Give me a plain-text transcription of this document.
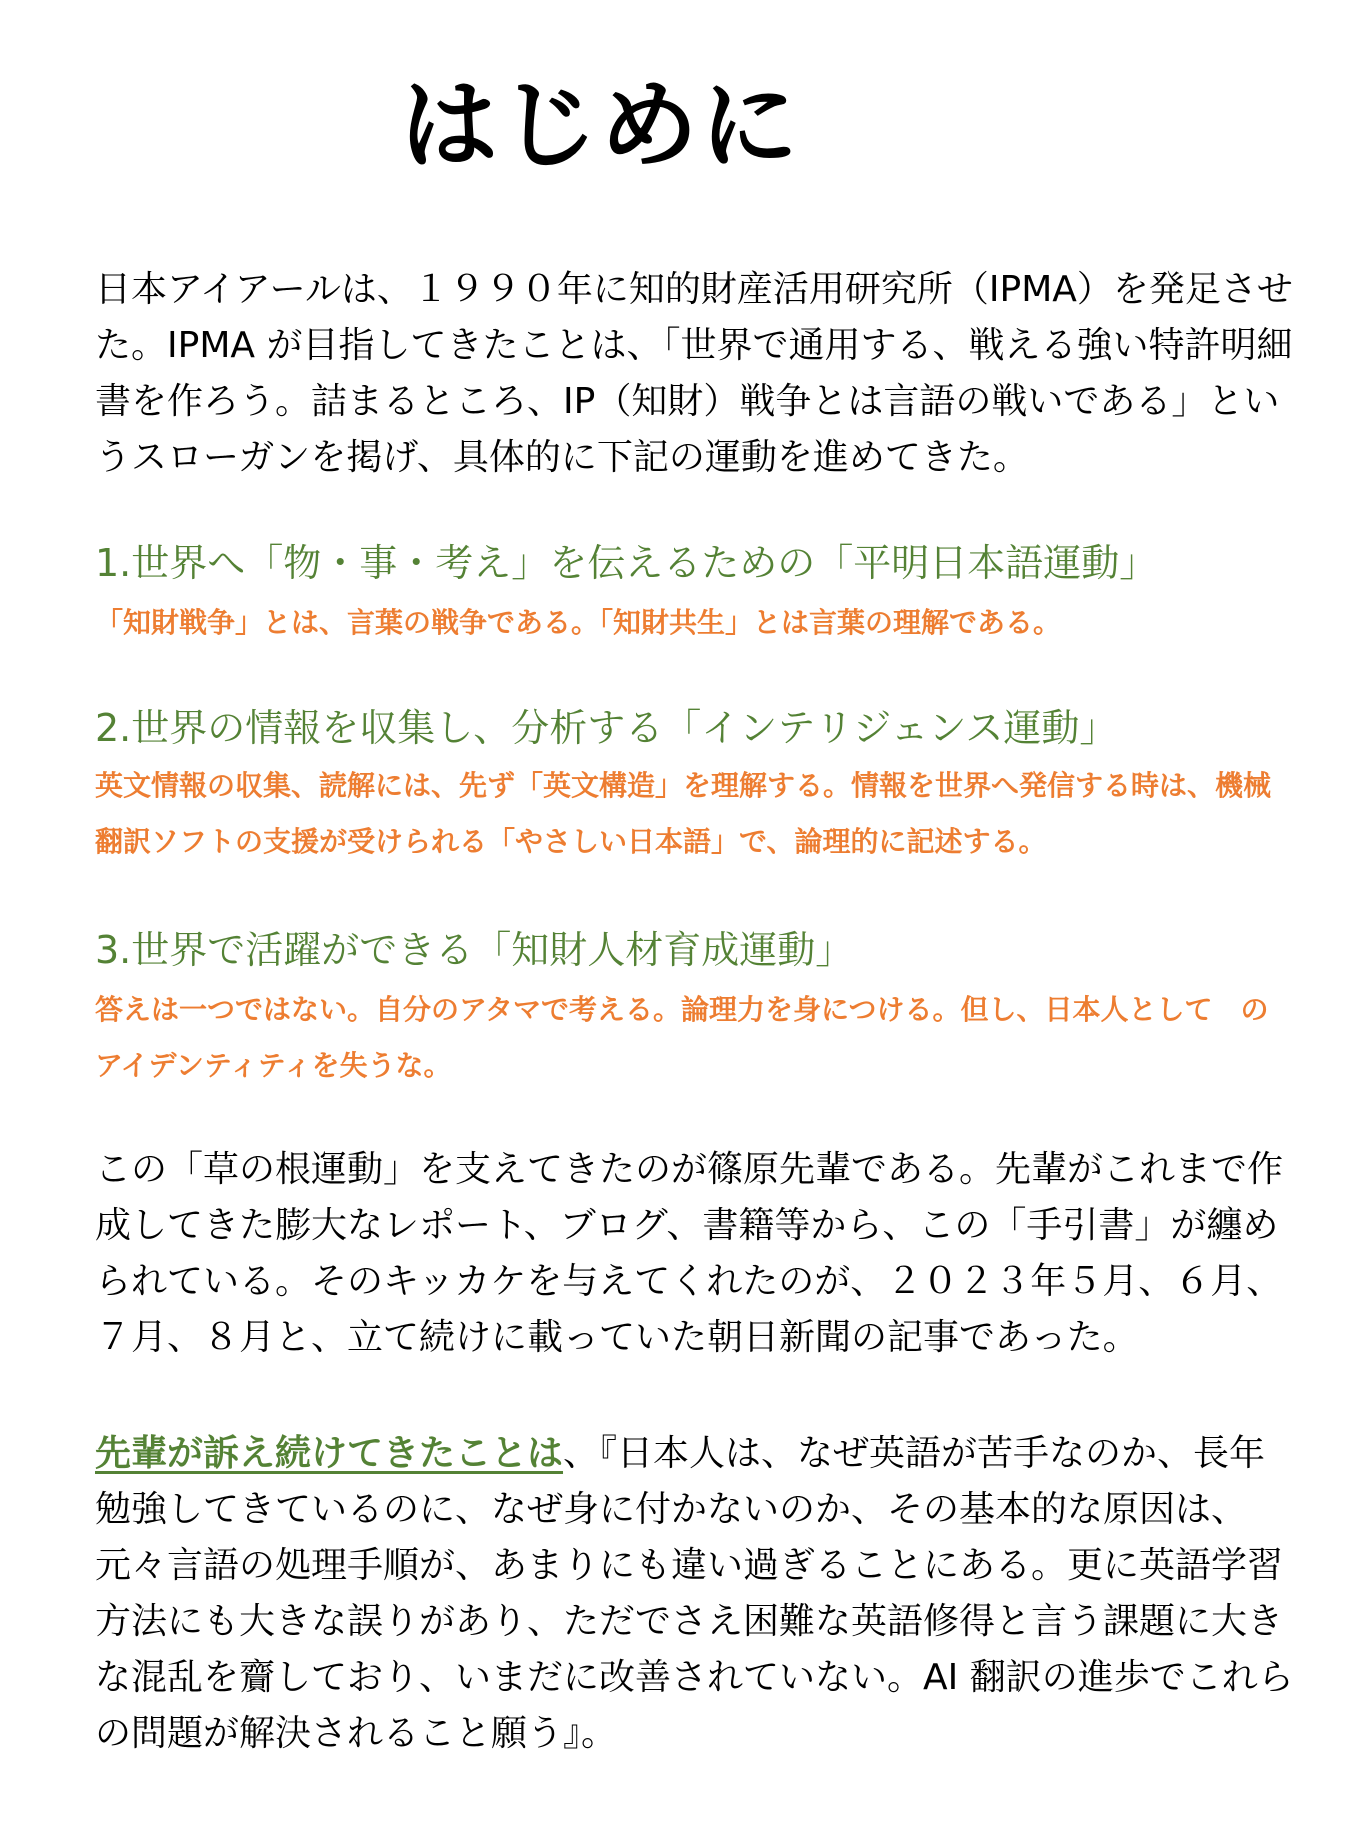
はじめに

日本アイアールは、１９９０年に知的財産活用研究所（IPMA）を発足させた。IPMA が目指してきたことは、「世界で通用する、戦える強い特許明細書を作ろう。詰まるところ、IP（知財）戦争とは言語の戦いである」というスローガンを掲げ、具体的に下記の運動を進めてきた。

1.世界へ「物・事・考え」を伝えるための「平明日本語運動」

「知財戦争」とは、言葉の戦争である。「知財共生」とは言葉の理解である。

2.世界の情報を収集し、分析する「インテリジェンス運動」

英文情報の収集、読解には、先ず「英文構造」を理解する。情報を世界へ発信する時は、機械翻訳ソフトの支援が受けられる「やさしい日本語」で、論理的に記述する。

3.世界で活躍ができる「知財人材育成運動」

答えは一つではない。自分のアタマで考える。論理力を身につける。但し、日本人として　のアイデンティティを失うな。

この「草の根運動」を支えてきたのが篠原先輩である。先輩がこれまで作成してきた膨大なレポート、ブログ、書籍等から、この「手引書」が纏められている。そのキッカケを与えてくれたのが、２０２３年５月、６月、７月、８月と、立て続けに載っていた朝日新聞の記事であった。

先輩が訴え続けてきたことは、『日本人は、なぜ英語が苦手なのか、長年勉強してきているのに、なぜ身に付かないのか、その基本的な原因は、元々言語の処理手順が、あまりにも違い過ぎることにある。更に英語学習方法にも大きな誤りがあり、ただでさえ困難な英語修得と言う課題に大きな混乱を齎しており、いまだに改善されていない。AI 翻訳の進歩でこれらの問題が解決されること願う』。
